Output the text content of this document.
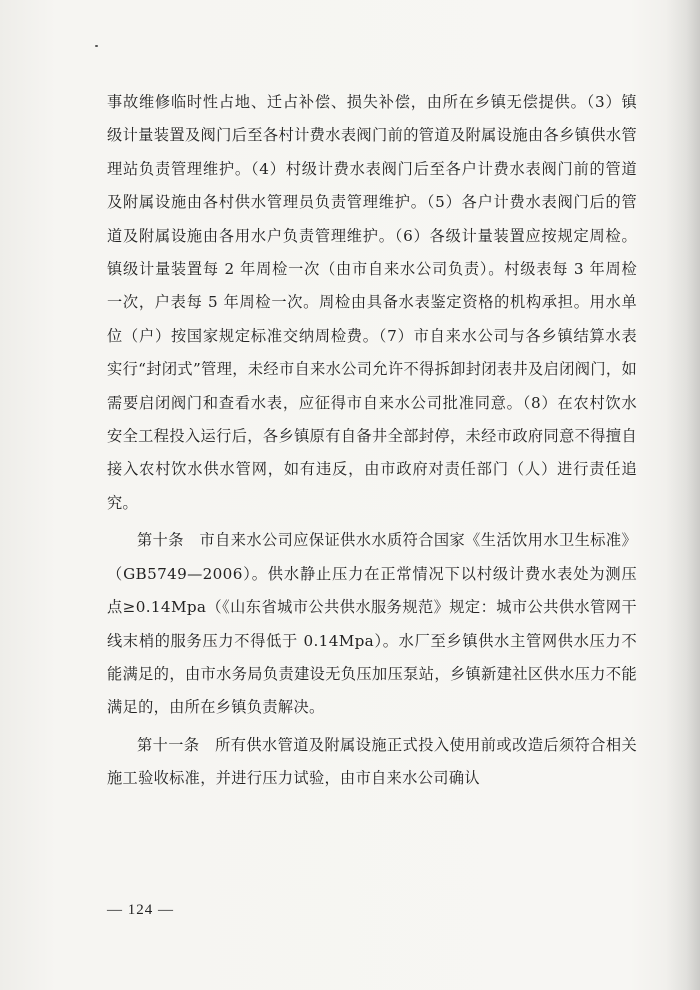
事故维修临时性占地、迁占补偿、损失补偿，由所在乡镇无偿提供。（3）镇级计量装置及阀门后至各村计费水表阀门前的管道及附属设施由各乡镇供水管理站负责管理维护。（4）村级计费水表阀门后至各户计费水表阀门前的管道及附属设施由各村供水管理员负责管理维护。（5）各户计费水表阀门后的管道及附属设施由各用水户负责管理维护。（6）各级计量装置应按规定周检。镇级计量装置每 2 年周检一次（由市自来水公司负责）。村级表每 3 年周检一次，户表每 5 年周检一次。周检由具备水表鉴定资格的机构承担。用水单位（户）按国家规定标准交纳周检费。（7）市自来水公司与各乡镇结算水表实行“封闭式”管理，未经市自来水公司允许不得拆卸封闭表井及启闭阀门，如需要启闭阀门和查看水表，应征得市自来水公司批准同意。（8）在农村饮水安全工程投入运行后，各乡镇原有自备井全部封停，未经市政府同意不得擅自接入农村饮水供水管网，如有违反，由市政府对责任部门（人）进行责任追究。

第十条　市自来水公司应保证供水水质符合国家《生活饮用水卫生标准》（GB5749—2006）。供水静止压力在正常情况下以村级计费水表处为测压点≥0.14Mpa（《山东省城市公共供水服务规范》规定：城市公共供水管网干线末梢的服务压力不得低于 0.14Mpa）。水厂至乡镇供水主管网供水压力不能满足的，由市水务局负责建设无负压加压泵站，乡镇新建社区供水压力不能满足的，由所在乡镇负责解决。

第十一条　所有供水管道及附属设施正式投入使用前或改造后须符合相关施工验收标准，并进行压力试验，由市自来水公司确认

— 124 —
